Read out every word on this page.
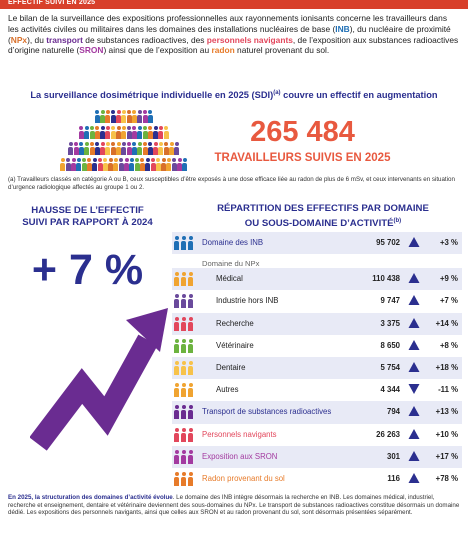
EFFECTIF SUIVI EN 2025

Le bilan de la surveillance des expositions professionnelles aux rayonnements ionisants concerne les travailleurs dans les activités civiles ou militaires dans les domaines des installations nucléaires de base (INB), du nucléaire de proximité (NPx), du transport de substances radioactives, des personnels navigants, de l’exposition aux substances radioactives d’origine naturelle (SRON) ainsi que de l’exposition au radon naturel provenant du sol.

La surveillance dosimétrique individuelle en 2025 (SDI)$^{(a)}$ couvre un effectif en augmentation
265 484
TRAVAILLEURS SUIVIS EN 2025

(a) Travailleurs classés en catégorie A ou B, ceux susceptibles d’être exposés à une dose efficace liée au radon de plus de 6 mSv, et ceux intervenants en situation d’urgence radiologique affectés au groupe 1 ou 2.

HAUSSE DE L’EFFECTIF
SUIVI PAR RAPPORT À 2024
+ 7 %
RÉPARTITION DES EFFECTIFS PAR DOMAINE
OU SOUS-DOMAINE D’ACTIVITÉ$^{(b)}$
Domaine des INB	95 702	+3 %
Domaine du NPx
Médical	110 438	+9 %
Industrie hors INB	9 747	+7 %
Recherche	3 375	+14 %
Vétérinaire	8 650	+8 %
Dentaire	5 754	+18 %
Autres	4 344	-11 %
Transport de substances radioactives	794	+13 %
Personnels navigants	26 263	+10 %
Exposition aux SRON	301	+17 %
Radon provenant du sol	116	+78 %

En 2025, la structuration des domaines d’activité évolue. Le domaine des INB intègre désormais la recherche en INB. Les domaines médical, industriel, recherche et enseignement, dentaire et vétérinaire deviennent des sous-domaines du NPx. Le transport de substances radioactives constitue désormais un domaine dédié. Les expositions des personnels navigants, ainsi que celles aux SRON et au radon provenant du sol, sont désormais présentées séparément.
